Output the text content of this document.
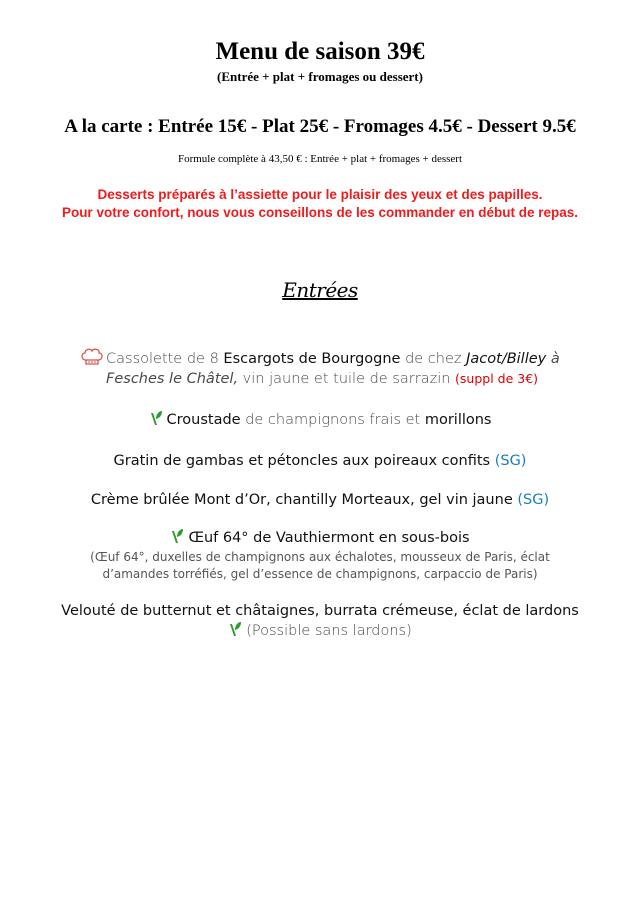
Menu de saison 39€
(Entrée + plat + fromages ou dessert)
A la carte : Entrée 15€ - Plat 25€ - Fromages 4.5€ - Dessert 9.5€
Formule complète à 43,50 € : Entrée + plat + fromages + dessert
Desserts préparés à l’assiette pour le plaisir des yeux et des papilles.
Pour votre confort, nous vous conseillons de les commander en début de repas.
Entrées
Cassolette de 8 Escargots de Bourgogne de chez Jacot/Billey à
Fesches le Châtel, vin jaune et tuile de sarrazin (suppl de 3€)
Croustade de champignons frais et morillons
Gratin de gambas et pétoncles aux poireaux confits (SG)
Crème brûlée Mont d’Or, chantilly Morteaux, gel vin jaune (SG)
Œuf 64° de Vauthiermont en sous-bois
(Œuf 64°, duxelles de champignons aux échalotes, mousseux de Paris, éclat
d’amandes torréfiés, gel d’essence de champignons, carpaccio de Paris)
Velouté de butternut et châtaignes, burrata crémeuse, éclat de lardons
(Possible sans lardons)
